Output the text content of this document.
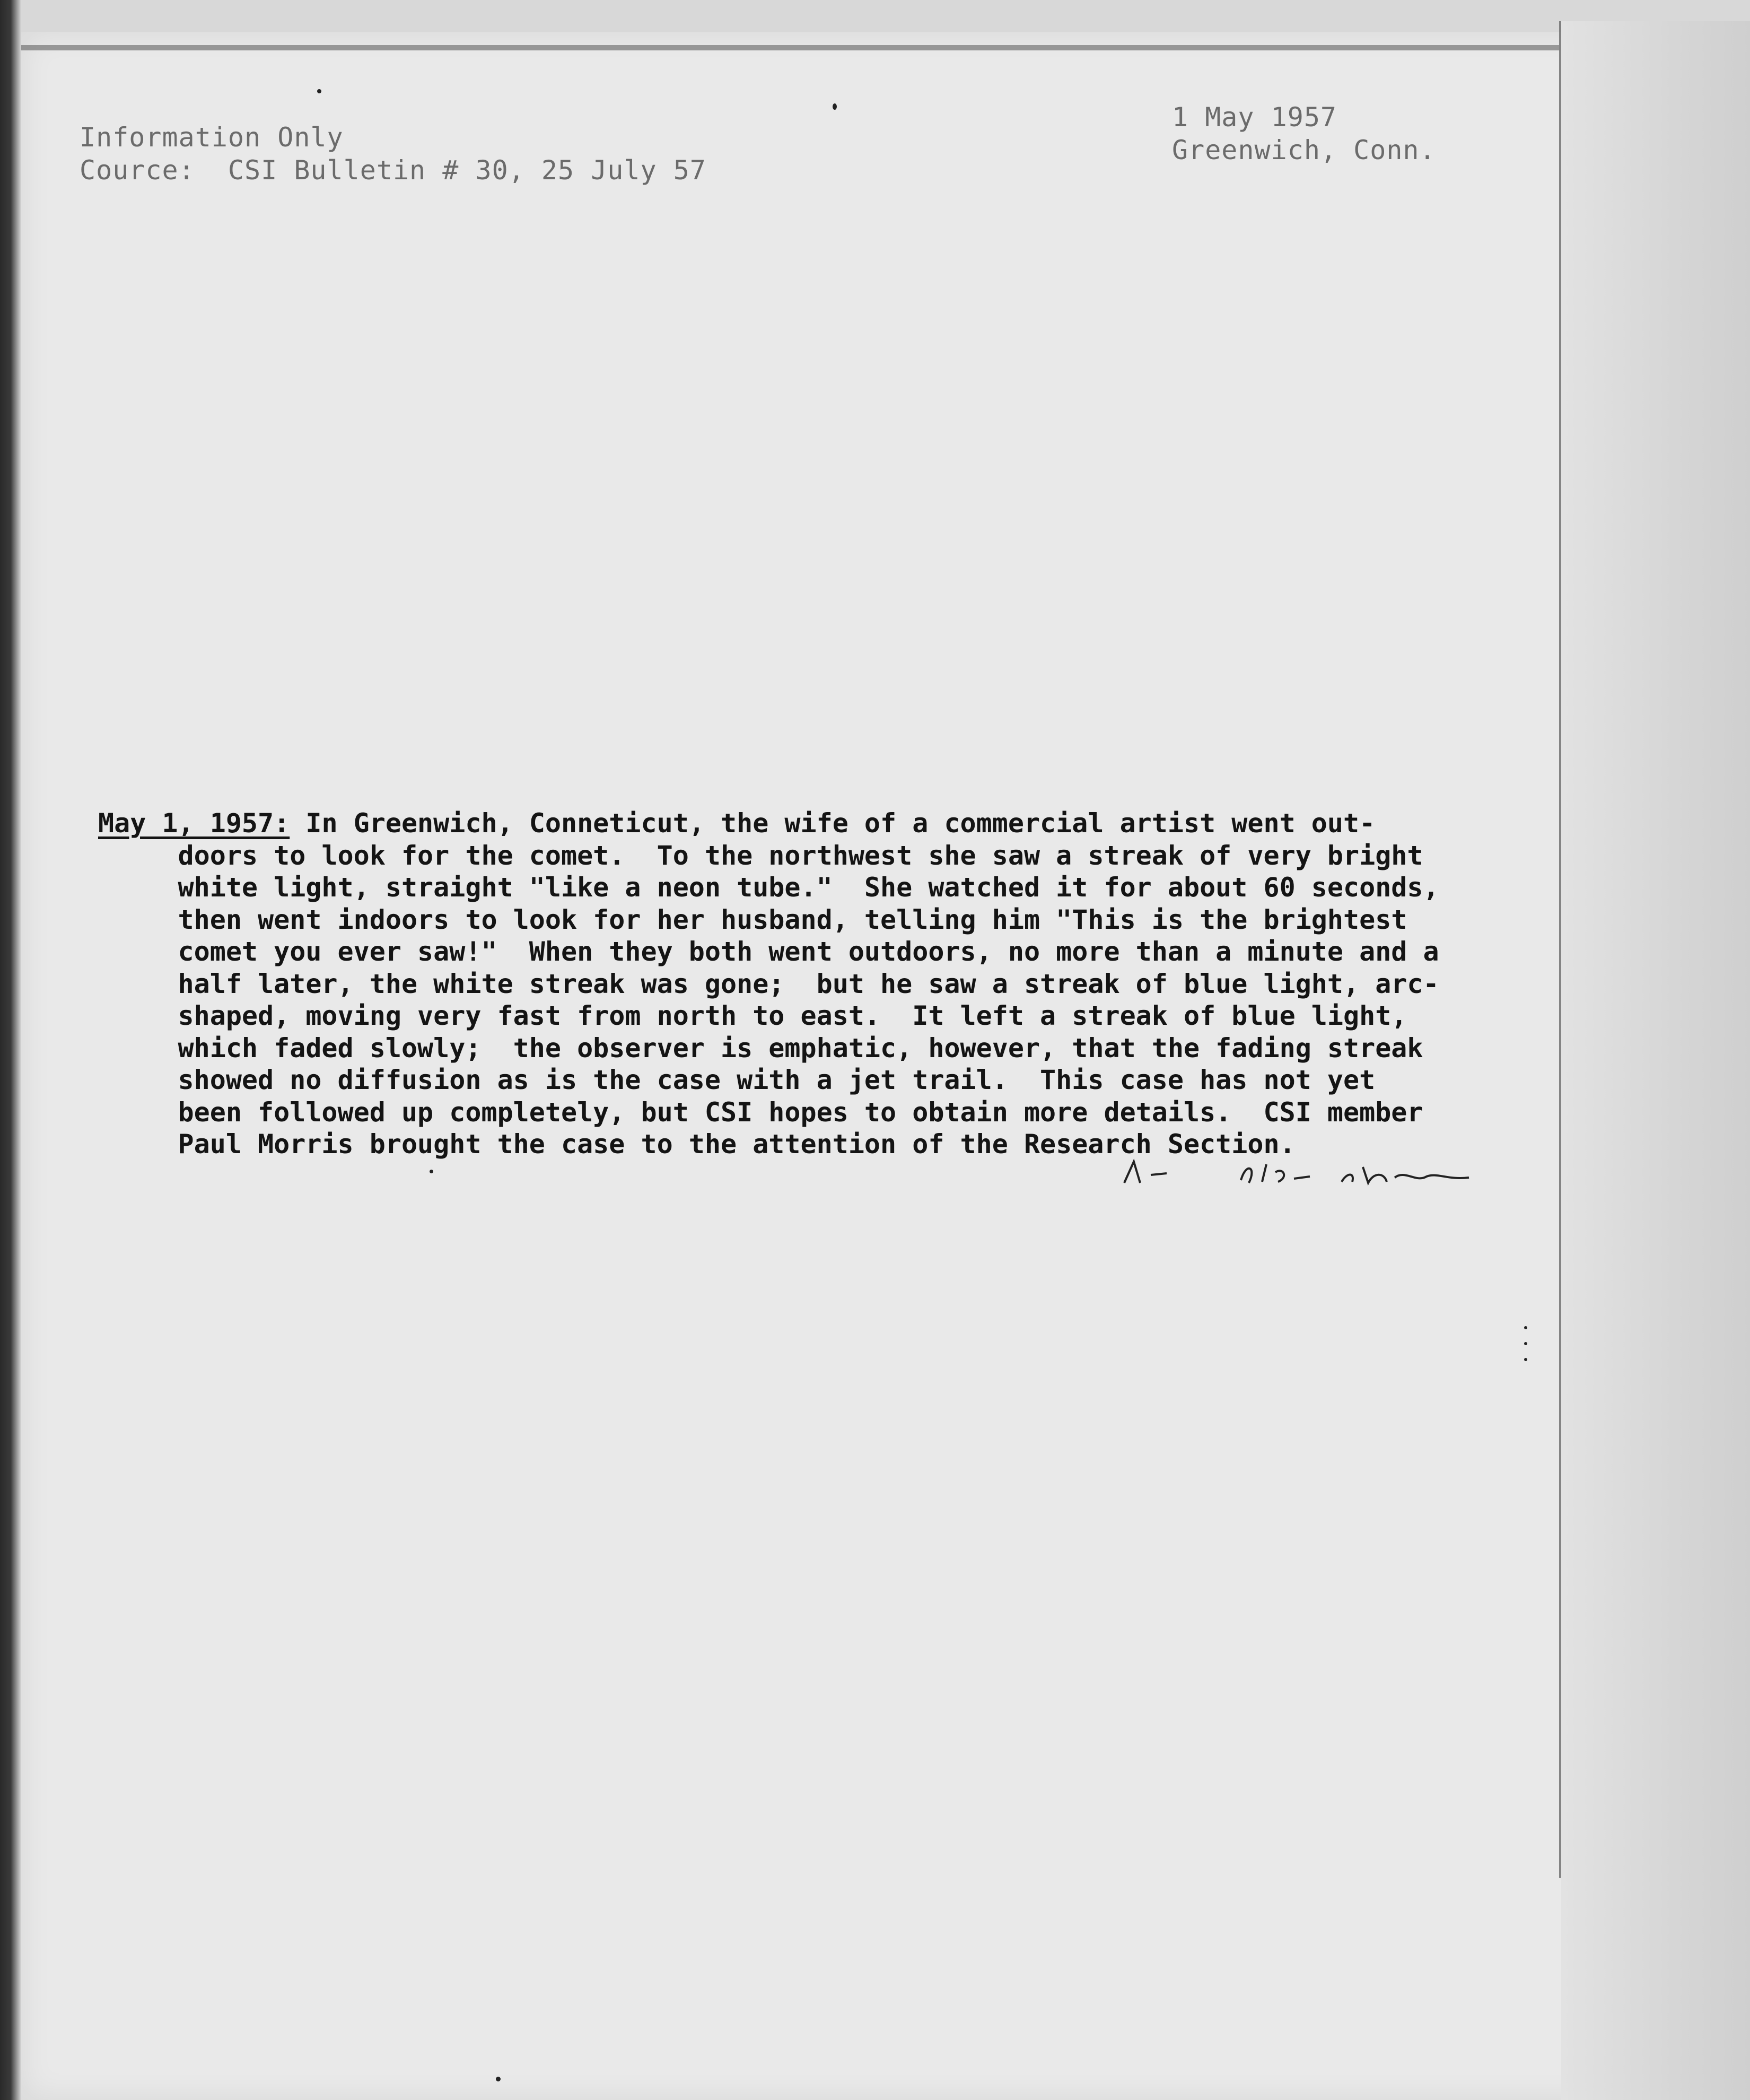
Information Only
Cource:  CSI Bulletin # 30, 25 July 57
1 May 1957
Greenwich, Conn.
May 1, 1957: In Greenwich, Conneticut, the wife of a commercial artist went out-
doors to look for the comet.  To the northwest she saw a streak of very bright
white light, straight "like a neon tube."  She watched it for about 60 seconds,
then went indoors to look for her husband, telling him "This is the brightest
comet you ever saw!"  When they both went outdoors, no more than a minute and a
half later, the white streak was gone;  but he saw a streak of blue light, arc-
shaped, moving very fast from north to east.  It left a streak of blue light,
which faded slowly;  the observer is emphatic, however, that the fading streak
showed no diffusion as is the case with a jet trail.  This case has not yet
been followed up completely, but CSI hopes to obtain more details.  CSI member
Paul Morris brought the case to the attention of the Research Section.
